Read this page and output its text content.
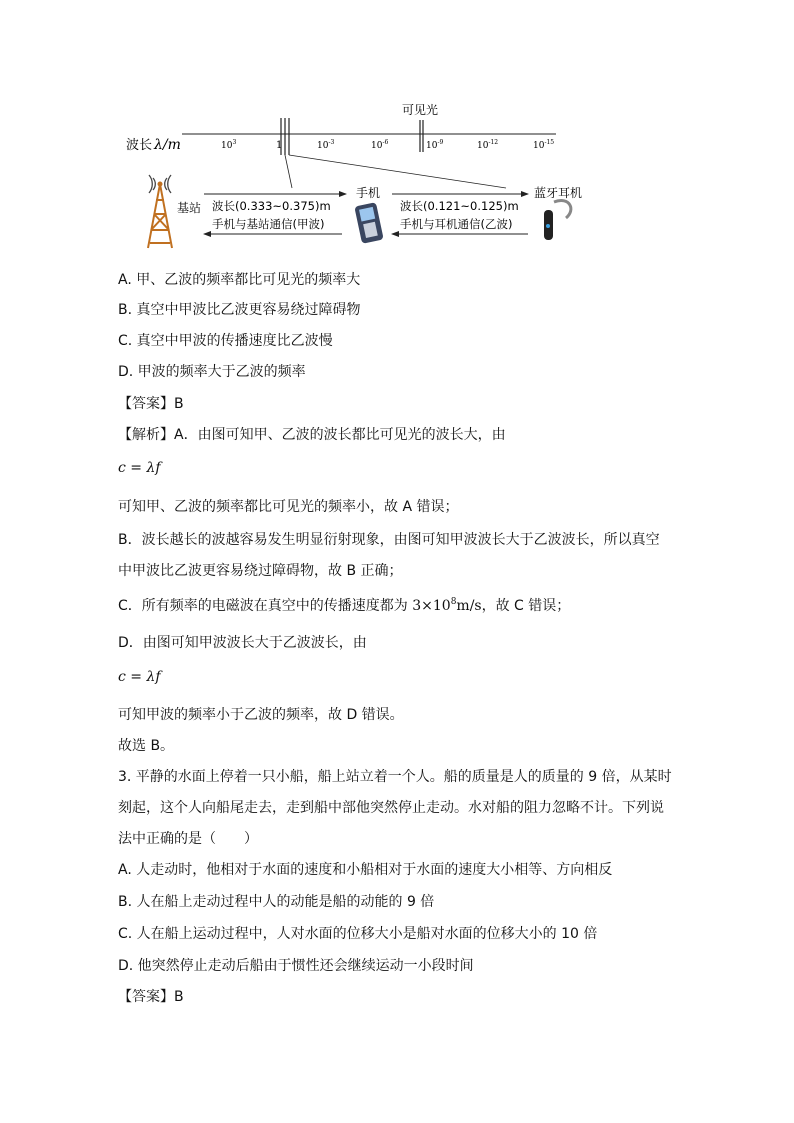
波长 λ/m
可见光
$10^3$	1	$10^{-3}$	$10^{-6}$	$10^{-9}$	$10^{-12}$	$10^{-15}$
基站
手机	蓝牙耳机
波长(0.333~0.375)m
手机与基站通信(甲波)
波长(0.121~0.125)m
手机与耳机通信(乙波)
A. 甲、乙波的频率都比可见光的频率大
B. 真空中甲波比乙波更容易绕过障碍物
C. 真空中甲波的传播速度比乙波慢
D. 甲波的频率大于乙波的频率
【答案】B
【解析】A．由图可知甲、乙波的波长都比可见光的波长大，由
c = λf
可知甲、乙波的频率都比可见光的频率小，故 A 错误；
B．波长越长的波越容易发生明显衍射现象，由图可知甲波波长大于乙波波长，所以真空
中甲波比乙波更容易绕过障碍物，故 B 正确；
C．所有频率的电磁波在真空中的传播速度都为 $3\times 10^8m/s$，故 C 错误；
D．由图可知甲波波长大于乙波波长，由
c = λf
可知甲波的频率小于乙波的频率，故 D 错误。
故选 B。
3. 平静的水面上停着一只小船，船上站立着一个人。船的质量是人的质量的 9 倍，从某时
刻起，这个人向船尾走去，走到船中部他突然停止走动。水对船的阻力忽略不计。下列说
法中正确的是（　　）
A. 人走动时，他相对于水面的速度和小船相对于水面的速度大小相等、方向相反
B. 人在船上走动过程中人的动能是船的动能的 9 倍
C. 人在船上运动过程中，人对水面的位移大小是船对水面的位移大小的 10 倍
D. 他突然停止走动后船由于惯性还会继续运动一小段时间
【答案】B
